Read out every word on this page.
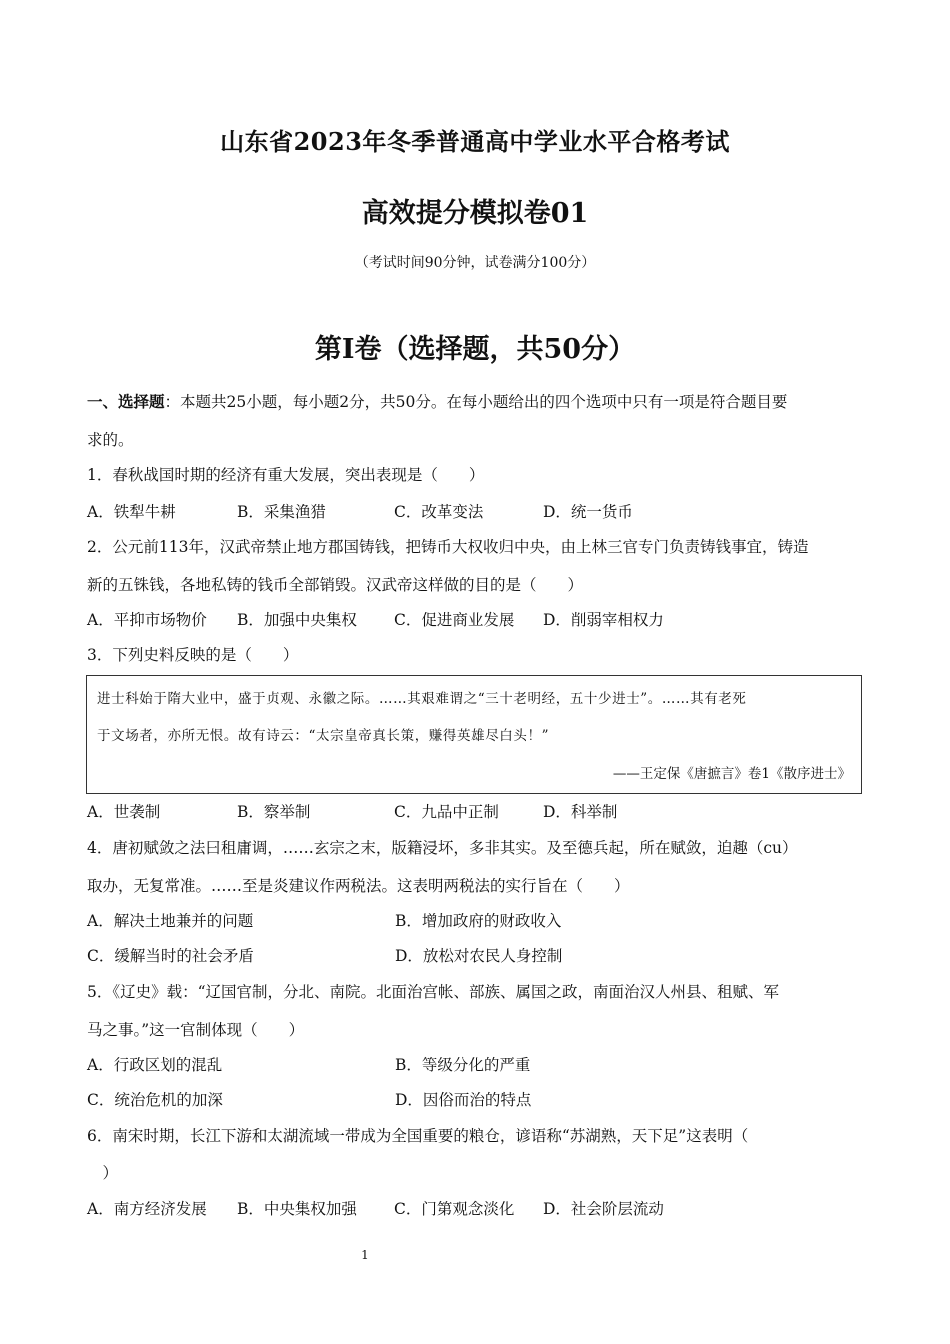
山东省2023年冬季普通高中学业水平合格考试
高效提分模拟卷01
（考试时间90分钟，试卷满分100分）
第I卷（选择题，共50分）
一、选择题：本题共25小题，每小题2分，共50分。在每小题给出的四个选项中只有一项是符合题目要
求的。
1．春秋战国时期的经济有重大发展，突出表现是（　　）
A．铁犁牛耕	B．采集渔猎	C．改革变法	D．统一货币
2．公元前113年，汉武帝禁止地方郡国铸钱，把铸币大权收归中央，由上林三官专门负责铸钱事宜，铸造
新的五铢钱，各地私铸的钱币全部销毁。汉武帝这样做的目的是（　　）
A．平抑市场物价 B．加强中央集权 C．促进商业发展 D．削弱宰相权力
3．下列史料反映的是（　　）
进士科始于隋大业中，盛于贞观、永徽之际。……其艰难谓之“三十老明经，五十少进士”。……其有老死
于文场者，亦所无恨。故有诗云：“太宗皇帝真长策，赚得英雄尽白头！”
——王定保《唐摭言》卷1《散序进士》
A．世袭制	B．察举制	C．九品中正制	D．科举制
4．唐初赋敛之法曰租庸调，……玄宗之末，版籍浸坏，多非其实。及至德兵起，所在赋敛，迫趣（cu）
取办，无复常准。……至是炎建议作两税法。这表明两税法的实行旨在（　　）
A．解决土地兼并的问题	B．增加政府的财政收入
C．缓解当时的社会矛盾	D．放松对农民人身控制
5．《辽史》载：“辽国官制，分北、南院。北面治宫帐、部族、属国之政，南面治汉人州县、租赋、军
马之事。”这一官制体现（　　）
A．行政区划的混乱	B．等级分化的严重
C．统治危机的加深	D．因俗而治的特点
6．南宋时期，长江下游和太湖流域一带成为全国重要的粮仓，谚语称“苏湖熟，天下足”这表明（
　）
A．南方经济发展 B．中央集权加强 C．门第观念淡化 D．社会阶层流动
1
